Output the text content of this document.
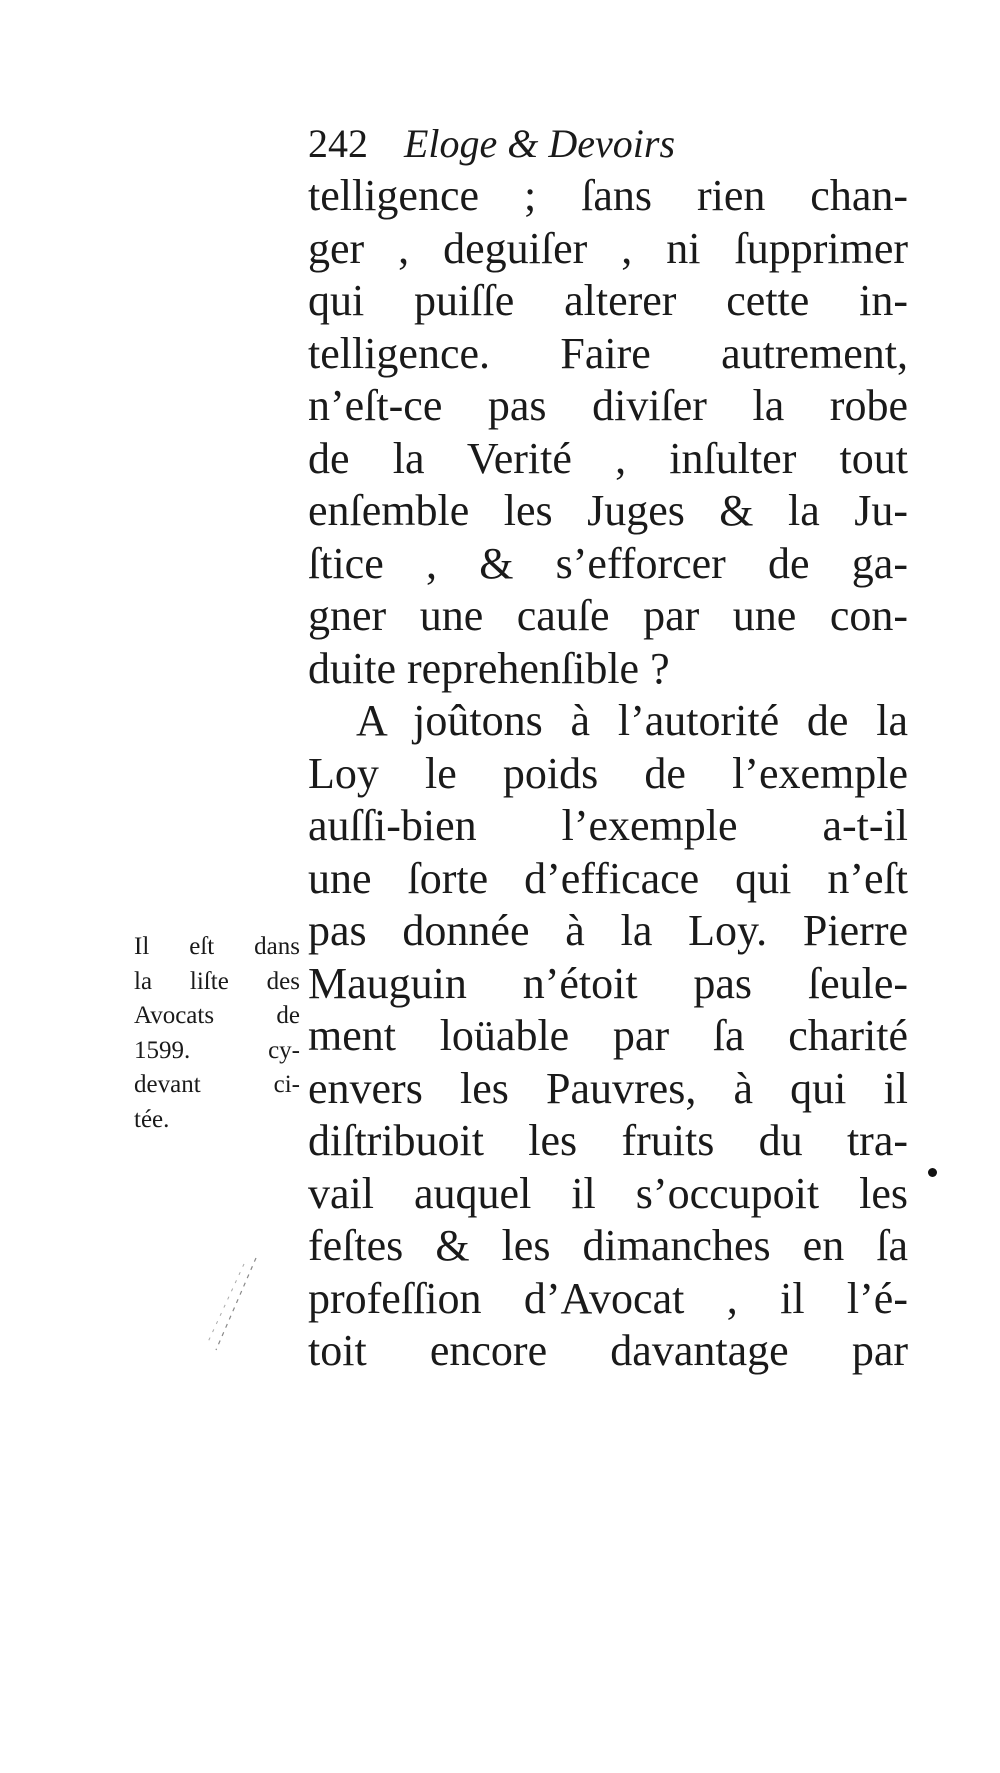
242 Eloge & Devoirs
telligence ; ſans rien chan-
ger , deguiſer , ni ſupprimer
qui puiſſe alterer cette in-
telligence. Faire autrement,
n’eſt-ce pas diviſer la robe
de la Verité , inſulter tout
enſemble les Juges & la Ju-
ſtice , & s’efforcer de ga-
gner une cauſe par une con-
duite reprehenſible ?
A joûtons à l’autorité de la
Loy le poids de l’exemple
auſſi-bien l’exemple a-t-il
une ſorte d’efficace qui n’eſt
pas donnée à la Loy. Pierre
Mauguin n’étoit pas ſeule-
ment loüable par ſa charité
envers les Pauvres, à qui il
diſtribuoit les fruits du tra-
vail auquel il s’occupoit les
feſtes & les dimanches en ſa
profeſſion d’Avocat , il l’é-
toit encore davantage par
Il eſt dans
la liſte des
Avocats de
1599. cy-
devant ci-
tée.
